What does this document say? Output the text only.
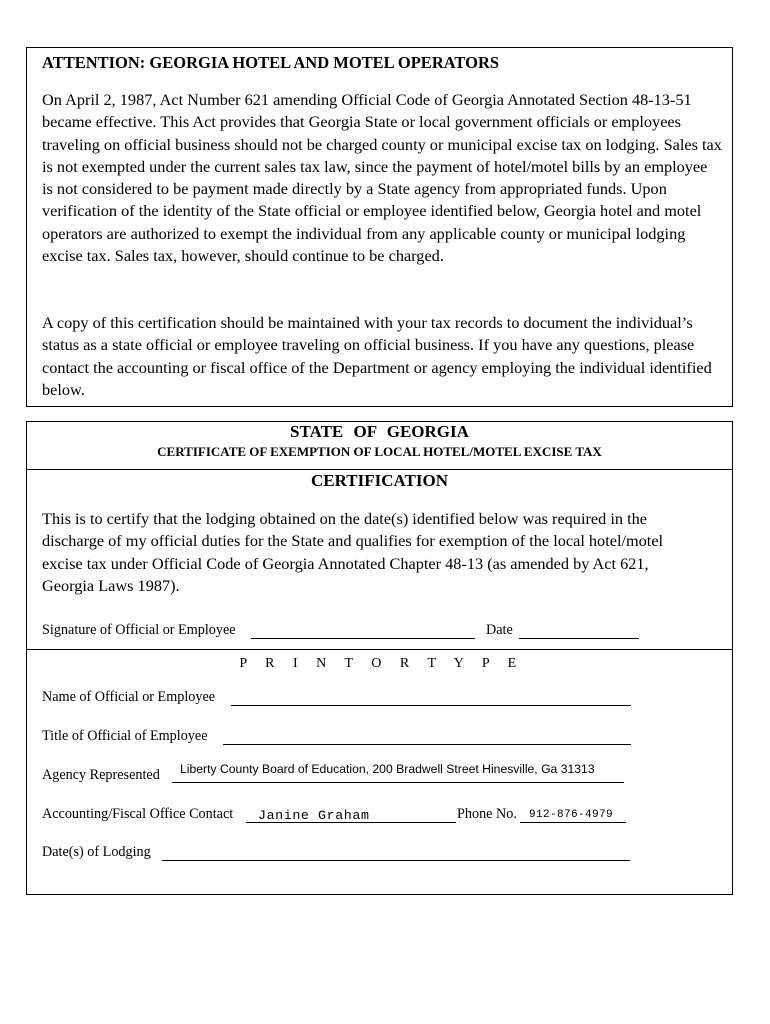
ATTENTION: GEORGIA HOTEL AND MOTEL OPERATORS
On April 2, 1987, Act Number 621 amending Official Code of Georgia Annotated Section 48-13-51 became effective. This Act provides that Georgia State or local government officials or employees traveling on official business should not be charged county or municipal excise tax on lodging. Sales tax is not exempted under the current sales tax law, since the payment of hotel/motel bills by an employee is not considered to be payment made directly by a State agency from appropriated funds. Upon verification of the identity of the State official or employee identified below, Georgia hotel and motel operators are authorized to exempt the individual from any applicable county or municipal lodging excise tax. Sales tax, however, should continue to be charged.
A copy of this certification should be maintained with your tax records to document the individual’s status as a state official or employee traveling on official business. If you have any questions, please contact the accounting or fiscal office of the Department or agency employing the individual identified below.
STATE OF GEORGIA
CERTIFICATE OF EXEMPTION OF LOCAL HOTEL/MOTEL EXCISE TAX
CERTIFICATION
This is to certify that the lodging obtained on the date(s) identified below was required in the discharge of my official duties for the State and qualifies for exemption of the local hotel/motel excise tax under Official Code of Georgia Annotated Chapter 48-13 (as amended by Act 621, Georgia Laws 1987).
Signature of Official or Employee	Date
P R I N T O R T Y P E
Name of Official or Employee
Title of Official of Employee
Agency Represented Liberty County Board of Education, 200 Bradwell Street Hinesville, Ga 31313
Accounting/Fiscal Office Contact Janine Graham	Phone No. 912-876-4979
Date(s) of Lodging
